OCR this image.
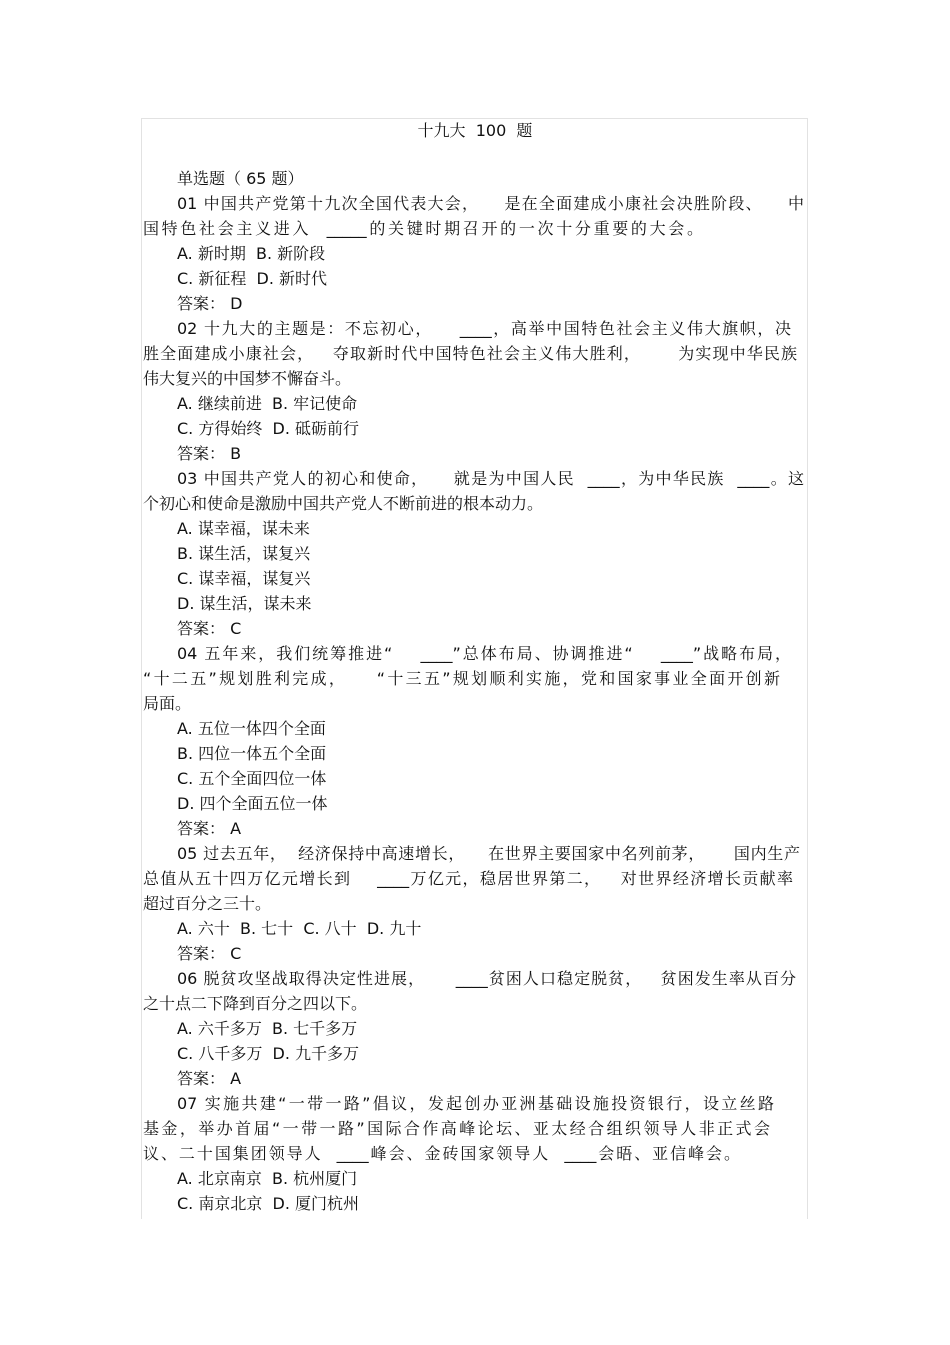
十九大  100  题
单选题（ 65 题）
01 中国共产党第十九次全国代表大会，    是在全面建成小康社会决胜阶段、    中
国特色社会主义进入  _____的关键时期召开的一次十分重要的大会。
A. 新时期  B. 新阶段
C. 新征程  D. 新时代
答案： D
02 十九大的主题是：不忘初心，    ____，高举中国特色社会主义伟大旗帜，决
胜全面建成小康社会，   夺取新时代中国特色社会主义伟大胜利，      为实现中华民族
伟大复兴的中国梦不懈奋斗。
A. 继续前进  B. 牢记使命
C. 方得始终  D. 砥砺前行
答案： B
03 中国共产党人的初心和使命，    就是为中国人民  ____，为中华民族  ____。这
个初心和使命是激励中国共产党人不断前进的根本动力。
A. 谋幸福，谋未来
B. 谋生活，谋复兴
C. 谋幸福，谋复兴
D. 谋生活，谋未来
答案： C
04 五年来，我们统筹推进“    ____”总体布局、协调推进“    ____”战略布局，
“十二五”规划胜利完成，    “十三五”规划顺利实施，党和国家事业全面开创新
局面。
A. 五位一体四个全面
B. 四位一体五个全面
C. 五个全面四位一体
D. 四个全面五位一体
答案： A
05 过去五年，  经济保持中高速增长，    在世界主要国家中名列前茅，     国内生产
总值从五十四万亿元增长到    ____万亿元，稳居世界第二，   对世界经济增长贡献率
超过百分之三十。
A. 六十  B. 七十  C. 八十  D. 九十
答案： C
06 脱贫攻坚战取得决定性进展，     ____贫困人口稳定脱贫，   贫困发生率从百分
之十点二下降到百分之四以下。
A. 六千多万  B. 七千多万
C. 八千多万  D. 九千多万
答案： A
07 实施共建“一带一路”倡议，发起创办亚洲基础设施投资银行，设立丝路
基金，举办首届“一带一路”国际合作高峰论坛、亚太经合组织领导人非正式会
议、二十国集团领导人  ____峰会、金砖国家领导人  ____会晤、亚信峰会。
A. 北京南京  B. 杭州厦门
C. 南京北京  D. 厦门杭州
